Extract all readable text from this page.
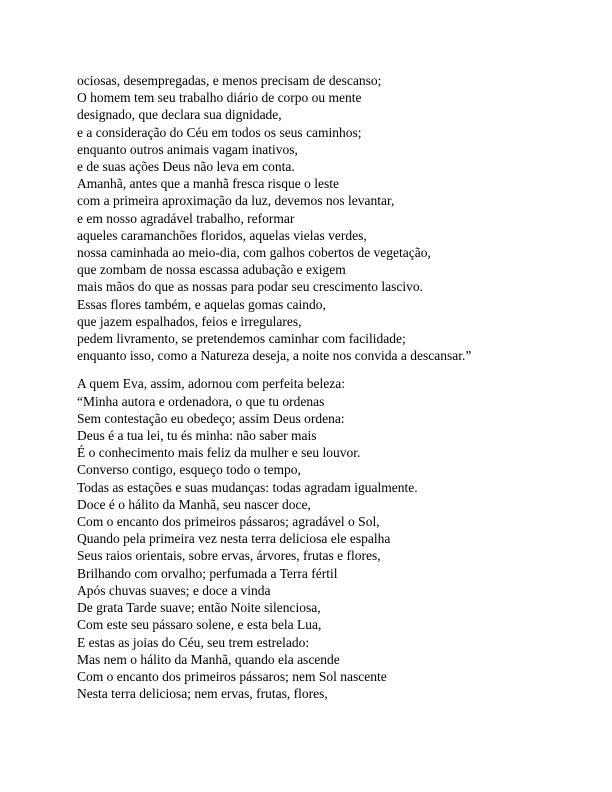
ociosas, desempregadas, e menos precisam de descanso;
O homem tem seu trabalho diário de corpo ou mente
designado, que declara sua dignidade,
e a consideração do Céu em todos os seus caminhos;
enquanto outros animais vagam inativos,
e de suas ações Deus não leva em conta.
Amanhã, antes que a manhã fresca risque o leste
com a primeira aproximação da luz, devemos nos levantar,
e em nosso agradável trabalho, reformar
aqueles caramanchões floridos, aquelas vielas verdes,
nossa caminhada ao meio-dia, com galhos cobertos de vegetação,
que zombam de nossa escassa adubação e exigem
mais mãos do que as nossas para podar seu crescimento lascivo.
Essas flores também, e aquelas gomas caindo,
que jazem espalhados, feios e irregulares,
pedem livramento, se pretendemos caminhar com facilidade;
enquanto isso, como a Natureza deseja, a noite nos convida a descansar.”

A quem Eva, assim, adornou com perfeita beleza:
“Minha autora e ordenadora, o que tu ordenas
Sem contestação eu obedeço; assim Deus ordena:
Deus é a tua lei, tu és minha: não saber mais
É o conhecimento mais feliz da mulher e seu louvor.
Converso contigo, esqueço todo o tempo,
Todas as estações e suas mudanças: todas agradam igualmente.
Doce é o hálito da Manhã, seu nascer doce,
Com o encanto dos primeiros pássaros; agradável o Sol,
Quando pela primeira vez nesta terra deliciosa ele espalha
Seus raios orientais, sobre ervas, árvores, frutas e flores,
Brilhando com orvalho; perfumada a Terra fértil
Após chuvas suaves; e doce a vinda
De grata Tarde suave; então Noite silenciosa,
Com este seu pássaro solene, e esta bela Lua,
E estas as joias do Céu, seu trem estrelado:
Mas nem o hálito da Manhã, quando ela ascende
Com o encanto dos primeiros pássaros; nem Sol nascente
Nesta terra deliciosa; nem ervas, frutas, flores,
